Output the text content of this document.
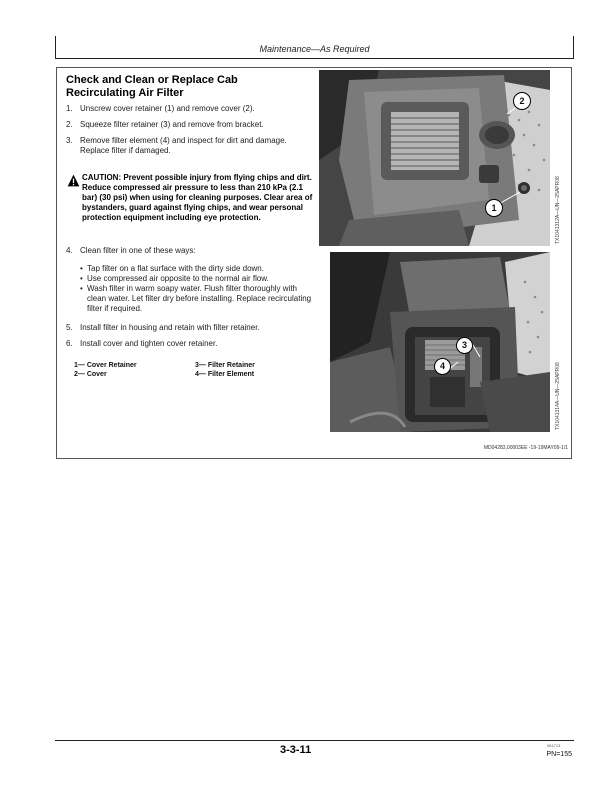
Maintenance—As Required
Check and Clean or Replace Cab
Recirculating Air Filter
1. Unscrew cover retainer (1) and remove cover (2).
2. Squeeze filter retainer (3) and remove from bracket.
3. Remove filter element (4) and inspect for dirt and damage. Replace filter if damaged.
CAUTION: Prevent possible injury from flying chips and dirt. Reduce compressed air pressure to less than 210 kPa (2.1 bar) (30 psi) when using for cleaning purposes. Clear area of bystanders, guard against flying chips, and wear personal protection equipment including eye protection.
4. Clean filter in one of these ways:
• Tap filter on a flat surface with the dirty side down.
• Use compressed air opposite to the normal air flow.
• Wash filter in warm soapy water. Flush filter thoroughly with clean water. Let filter dry before installing. Replace recirculating filter if required.
5. Install filter in housing and retain with filter retainer.
6. Install cover and tighten cover retainer.
1— Cover Retainer
2— Cover
3— Filter Retainer
4— Filter Element
2
1	TX1041312A—UN—25APR08
3
4	TX1041314A—UN—25APR08
MD04283,00003EE -19-19MAY09-1/1
3-3-11	061713
PN=155
